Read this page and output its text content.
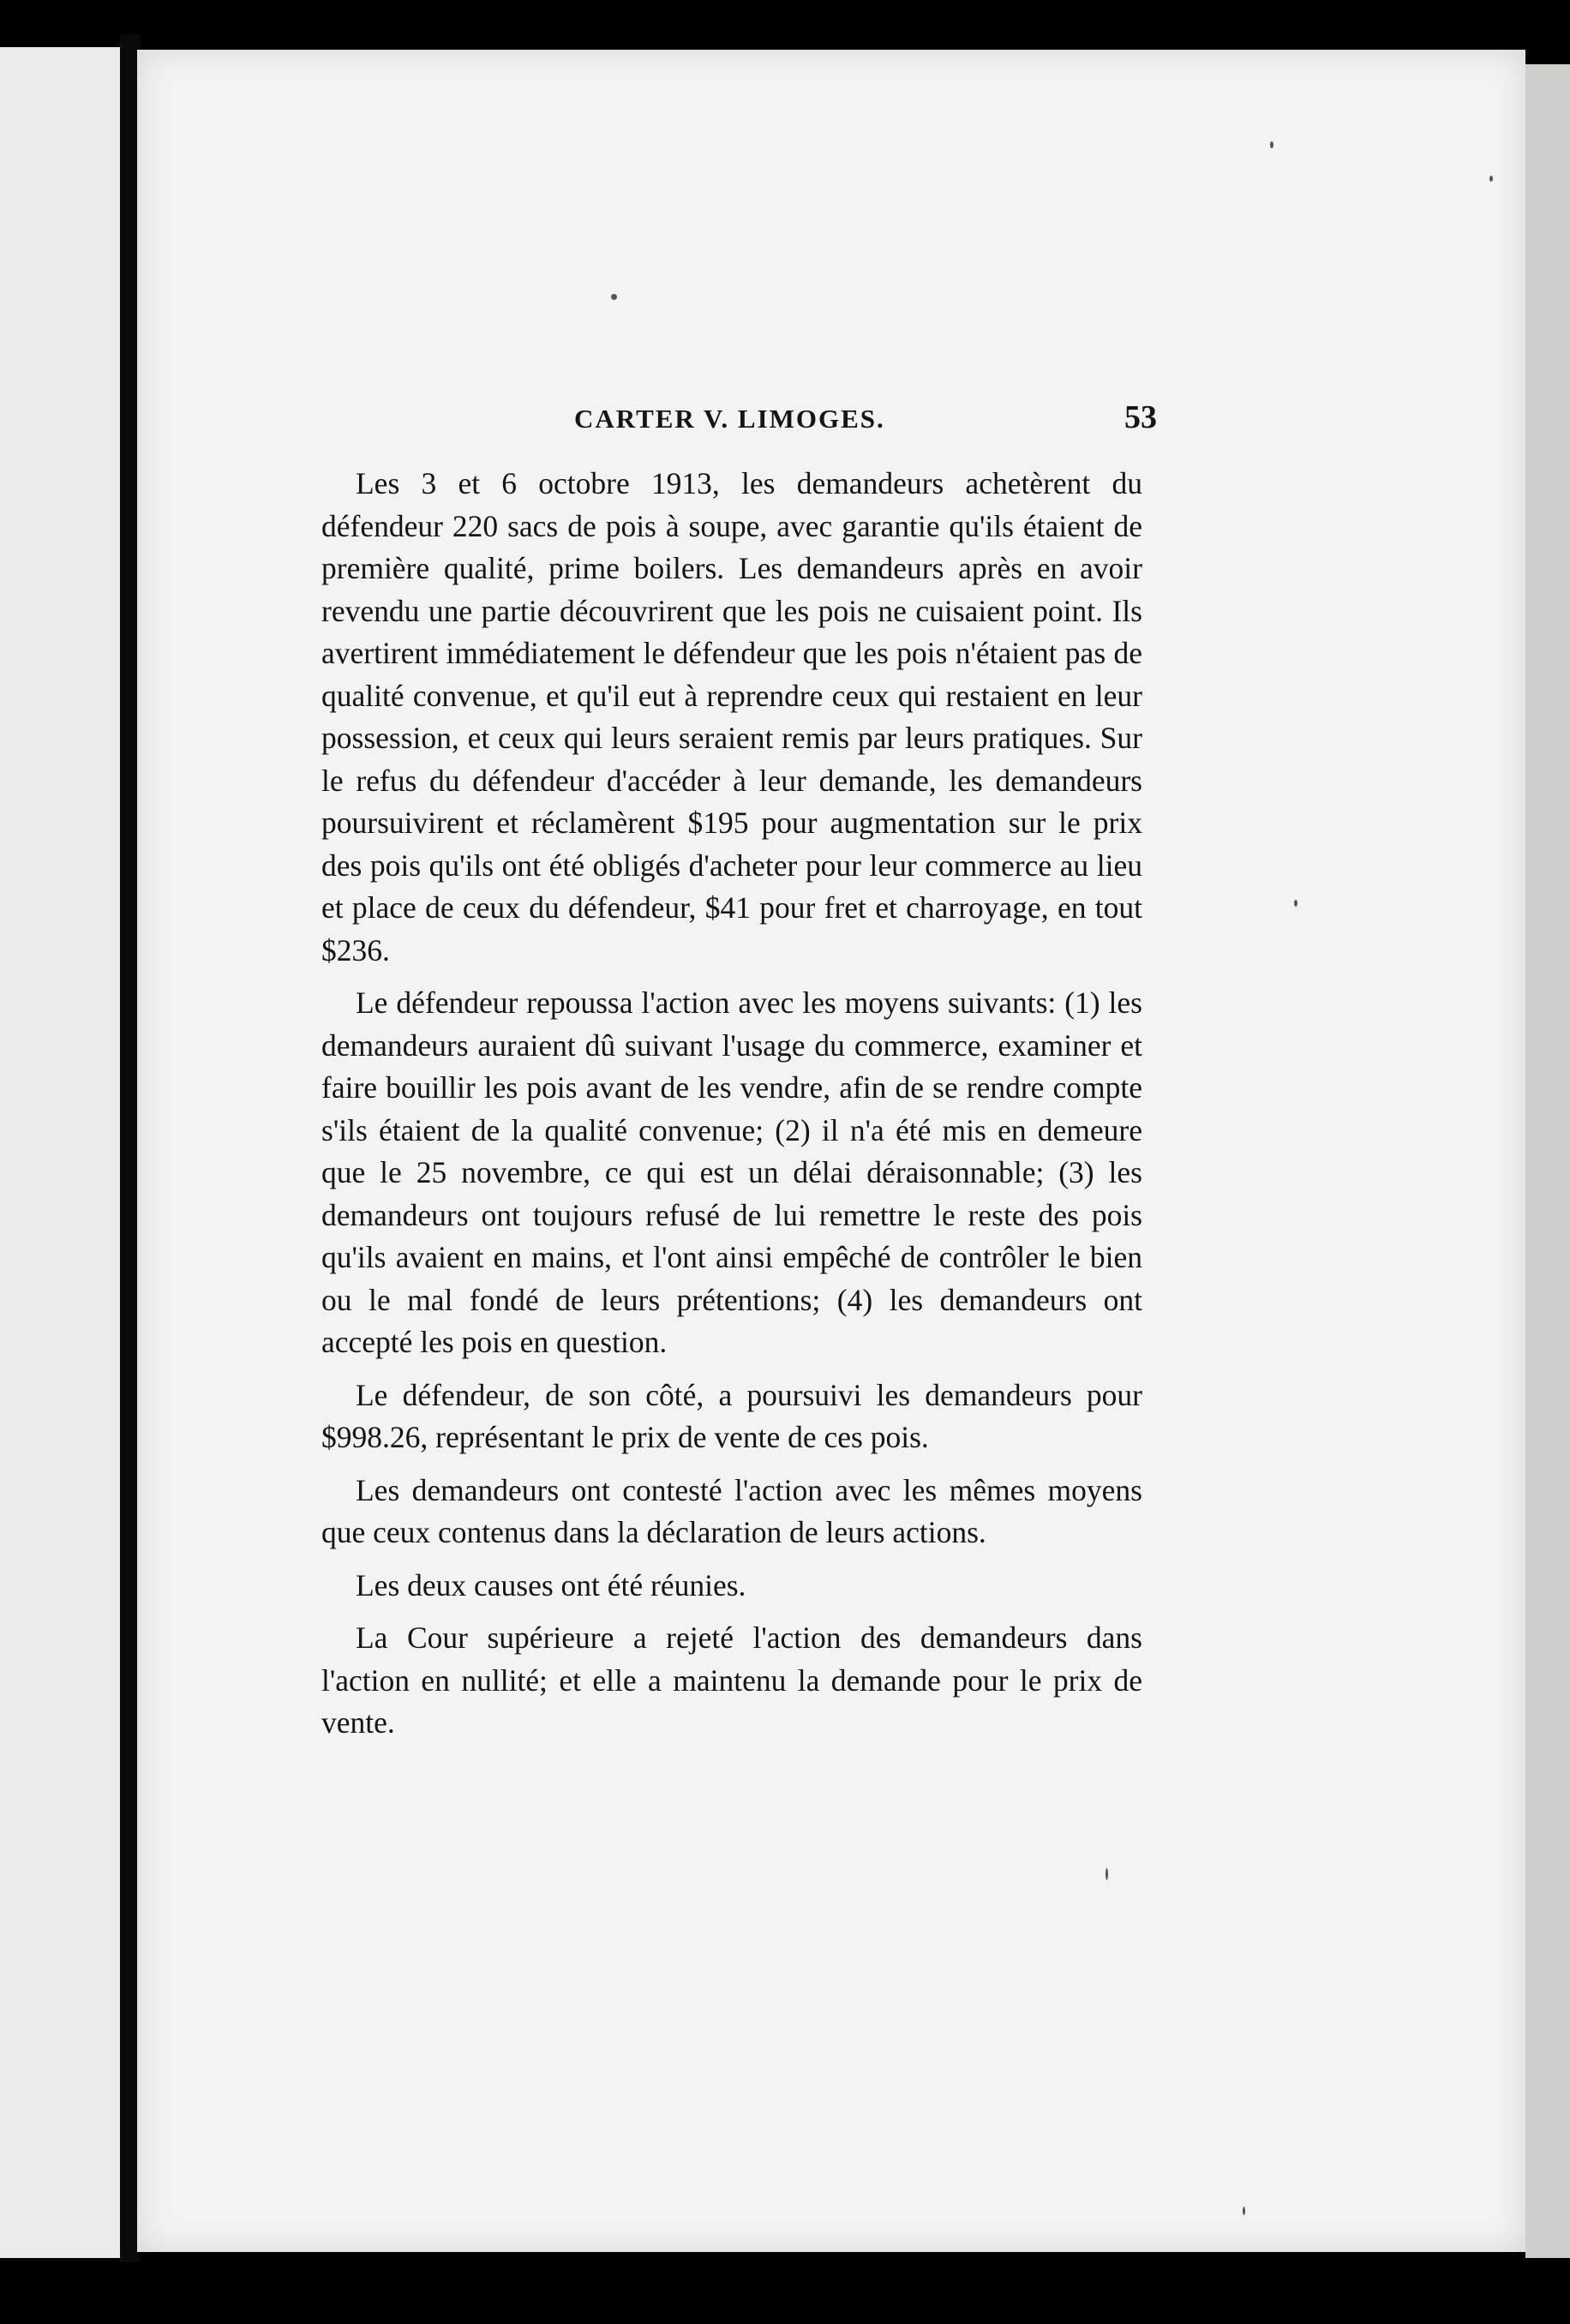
CARTER V. LIMOGES.	53

Les 3 et 6 octobre 1913, les demandeurs achetèrent du défendeur 220 sacs de pois à soupe, avec garantie qu'ils étaient de première qualité, prime boilers. Les demandeurs après en avoir revendu une partie découvrirent que les pois ne cuisaient point. Ils avertirent immédiatement le défendeur que les pois n'étaient pas de qualité convenue, et qu'il eut à reprendre ceux qui restaient en leur possession, et ceux qui leurs seraient remis par leurs pratiques. Sur le refus du défendeur d'accéder à leur demande, les demandeurs poursuivirent et réclamèrent $195 pour augmentation sur le prix des pois qu'ils ont été obligés d'acheter pour leur commerce au lieu et place de ceux du défendeur, $41 pour fret et charroyage, en tout $236.

Le défendeur repoussa l'action avec les moyens suivants: (1) les demandeurs auraient dû suivant l'usage du commerce, examiner et faire bouillir les pois avant de les vendre, afin de se rendre compte s'ils étaient de la qualité convenue; (2) il n'a été mis en demeure que le 25 novembre, ce qui est un délai déraisonnable; (3) les demandeurs ont toujours refusé de lui remettre le reste des pois qu'ils avaient en mains, et l'ont ainsi empêché de contrôler le bien ou le mal fondé de leurs prétentions; (4) les demandeurs ont accepté les pois en question.

Le défendeur, de son côté, a poursuivi les demandeurs pour $998.26, représentant le prix de vente de ces pois.

Les demandeurs ont contesté l'action avec les mêmes moyens que ceux contenus dans la déclaration de leurs actions.

Les deux causes ont été réunies.

La Cour supérieure a rejeté l'action des demandeurs dans l'action en nullité; et elle a maintenu la demande pour le prix de vente.
